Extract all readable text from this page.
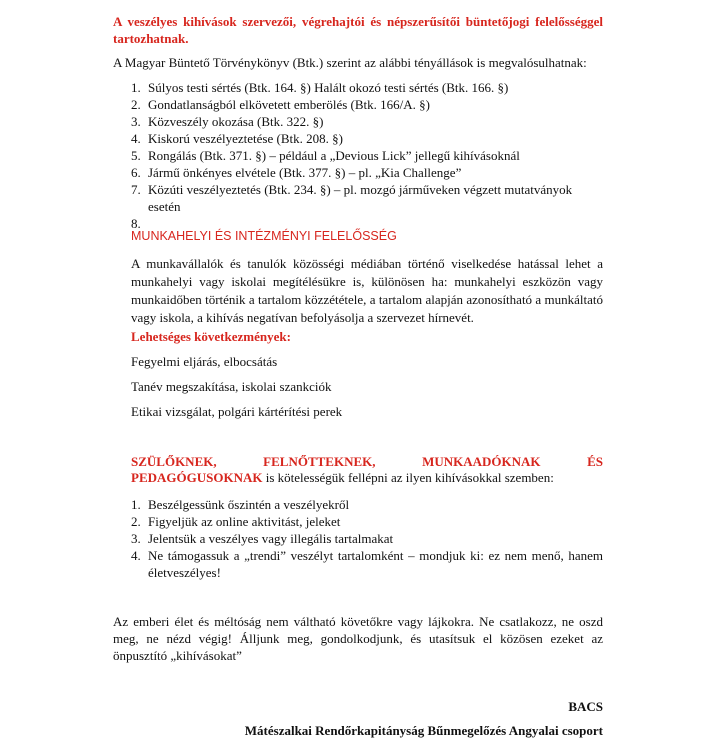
A veszélyes kihívások szervezői, végrehajtói és népszerűsítői büntetőjogi felelősséggel tartozhatnak.

A Magyar Büntető Törvénykönyv (Btk.) szerint az alábbi tényállások is megvalósulhatnak:

1. Súlyos testi sértés (Btk. 164. §) Halált okozó testi sértés (Btk. 166. §)
2. Gondatlanságból elkövetett emberölés (Btk. 166/A. §)
3. Közveszély okozása (Btk. 322. §)
4. Kiskorú veszélyeztetése (Btk. 208. §)
5. Rongálás (Btk. 371. §) – például a „Devious Lick” jellegű kihívásoknál
6. Jármű önkényes elvétele (Btk. 377. §) – pl. „Kia Challenge”
7. Közúti veszélyeztetés (Btk. 234. §) – pl. mozgó járműveken végzett mutatványok esetén
8.

MUNKAHELYI ÉS INTÉZMÉNYI FELELŐSSÉG

A munkavállalók és tanulók közösségi médiában történő viselkedése hatással lehet a munkahelyi vagy iskolai megítélésükre is, különösen ha: munkahelyi eszközön vagy munkaidőben történik a tartalom közzététele, a tartalom alapján azonosítható a munkáltató vagy iskola, a kihívás negatívan befolyásolja a szervezet hírnevét.

Lehetséges következmények:

Fegyelmi eljárás, elbocsátás

Tanév megszakítása, iskolai szankciók

Etikai vizsgálat, polgári kártérítési perek

SZÜLŐKNEK,	FELNŐTTEKNEK,	MUNKAADÓKNAK	ÉS

PEDAGÓGUSOKNAK is kötelességük fellépni az ilyen kihívásokkal szemben:

1. Beszélgessünk őszintén a veszélyekről
2. Figyeljük az online aktivitást, jeleket
3. Jelentsük a veszélyes vagy illegális tartalmakat
4. Ne támogassuk a „trendi” veszélyt tartalomként – mondjuk ki: ez nem menő, hanem életveszélyes!

Az emberi élet és méltóság nem váltható követőkre vagy lájkokra. Ne csatlakozz, ne oszd meg, ne nézd végig! Álljunk meg, gondolkodjunk, és utasítsuk el közösen ezeket az önpusztító „kihívásokat”

BACS

Mátészalkai Rendőrkapitányság Bűnmegelőzés Angyalai csoport
